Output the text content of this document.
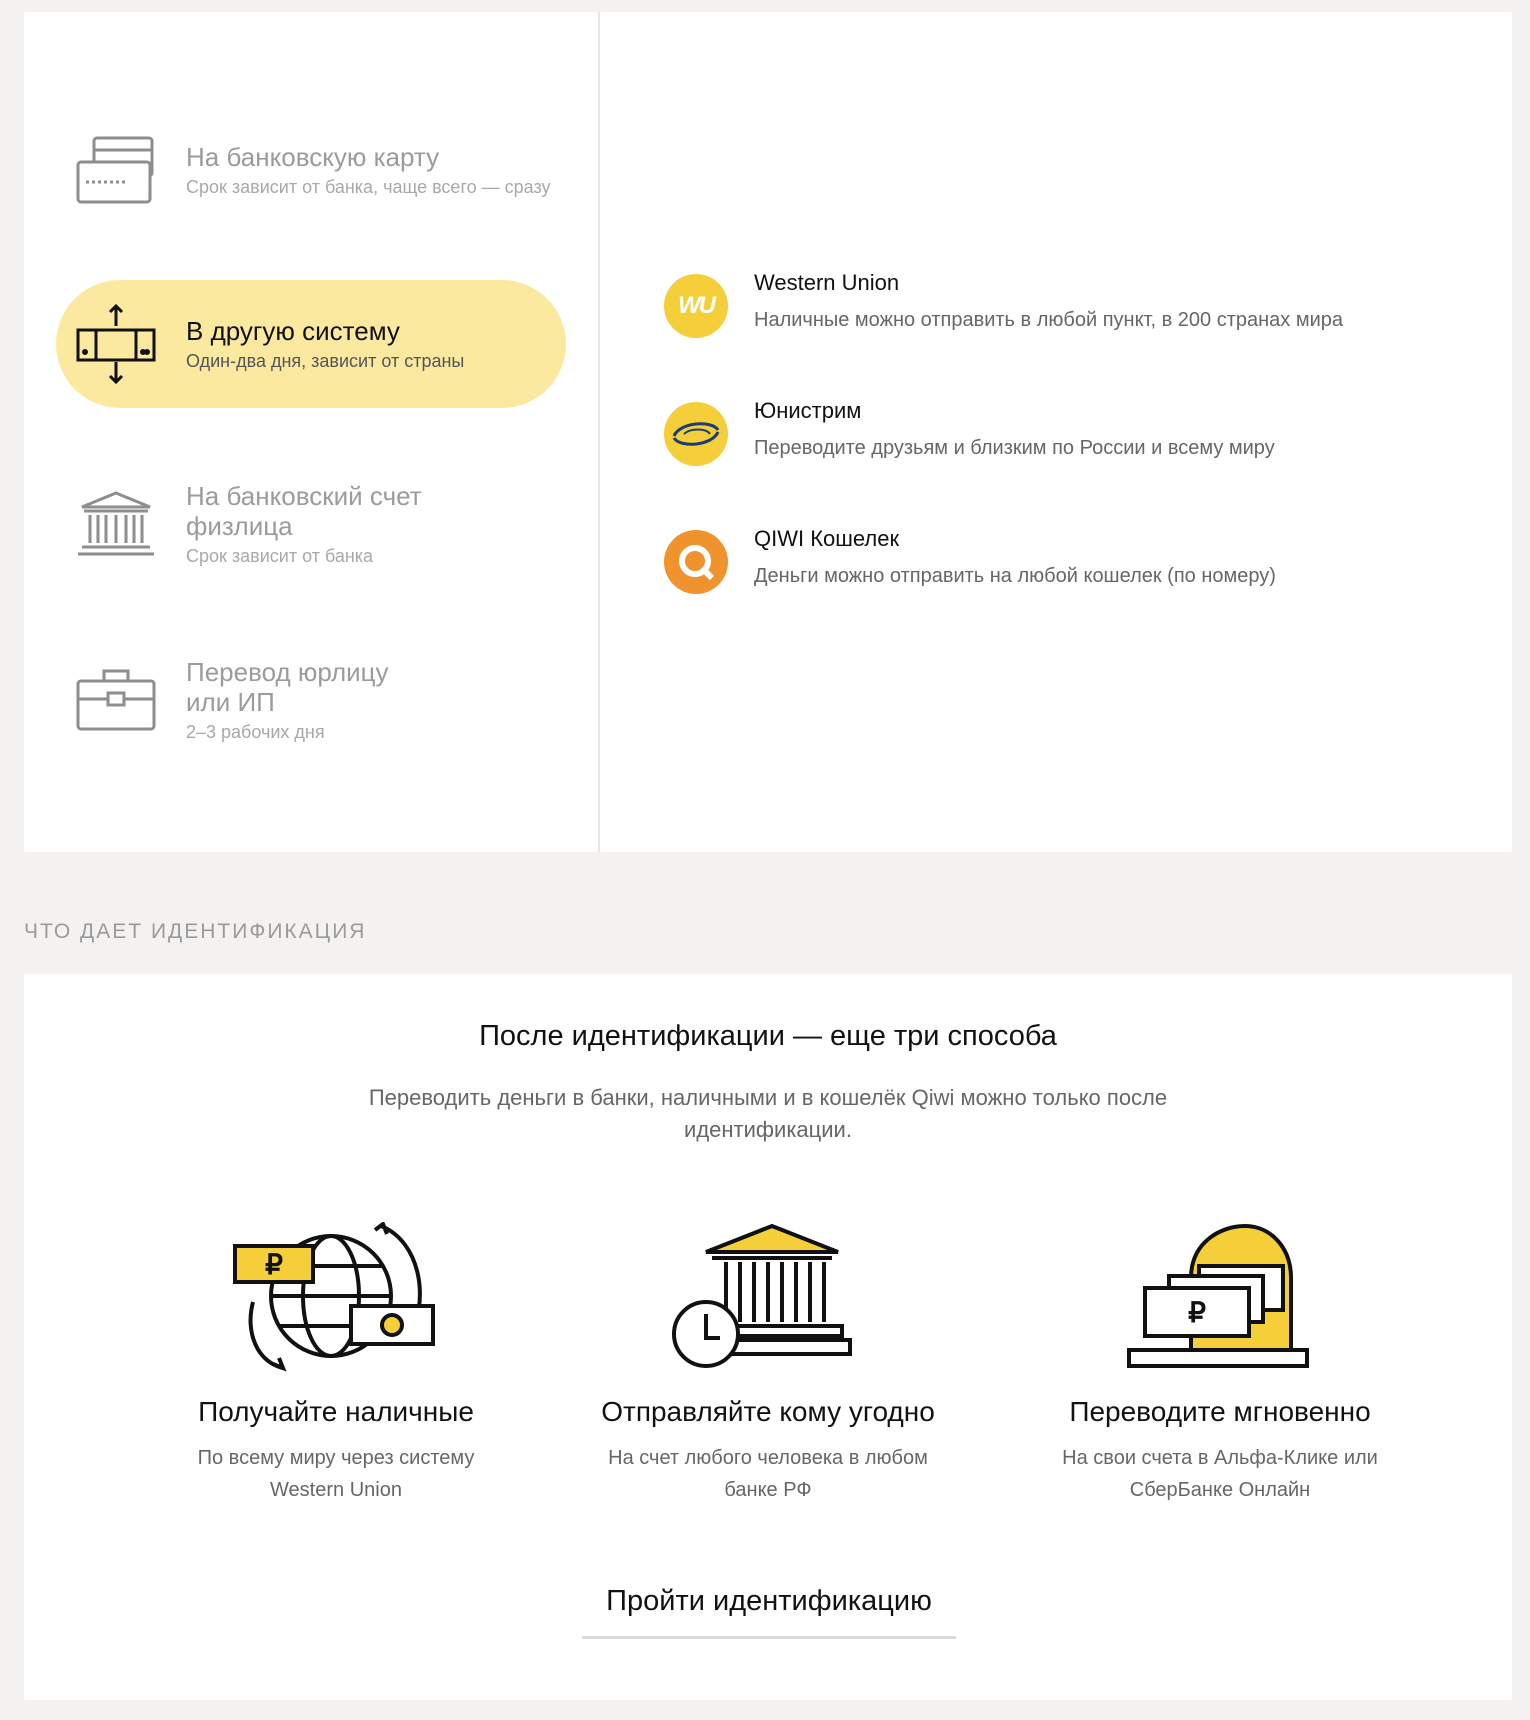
На банковскую карту
Срок зависит от банка, чаще всего — сразу
В другую систему
Один-два дня, зависит от страны
На банковский счет физлица
Срок зависит от банка
Перевод юрлицу или ИП
2–3 рабочих дня
WU
Western Union
Наличные можно отправить в любой пункт, в 200 странах мира
Юнистрим
Переводите друзьям и близким по России и всему миру
QIWI Кошелек
Деньги можно отправить на любой кошелек (по номеру)
ЧТО ДАЕТ ИДЕНТИФИКАЦИЯ
После идентификации — еще три способа
Переводить деньги в банки, наличными и в кошелёк Qiwi можно только после идентификации.
₽
Получайте наличные
По всему миру через систему Western Union
Отправляйте кому угодно
На счет любого человека в любом банке РФ
₽
Переводите мгновенно
На свои счета в Альфа-Клике или СберБанке Онлайн
Пройти идентификацию
